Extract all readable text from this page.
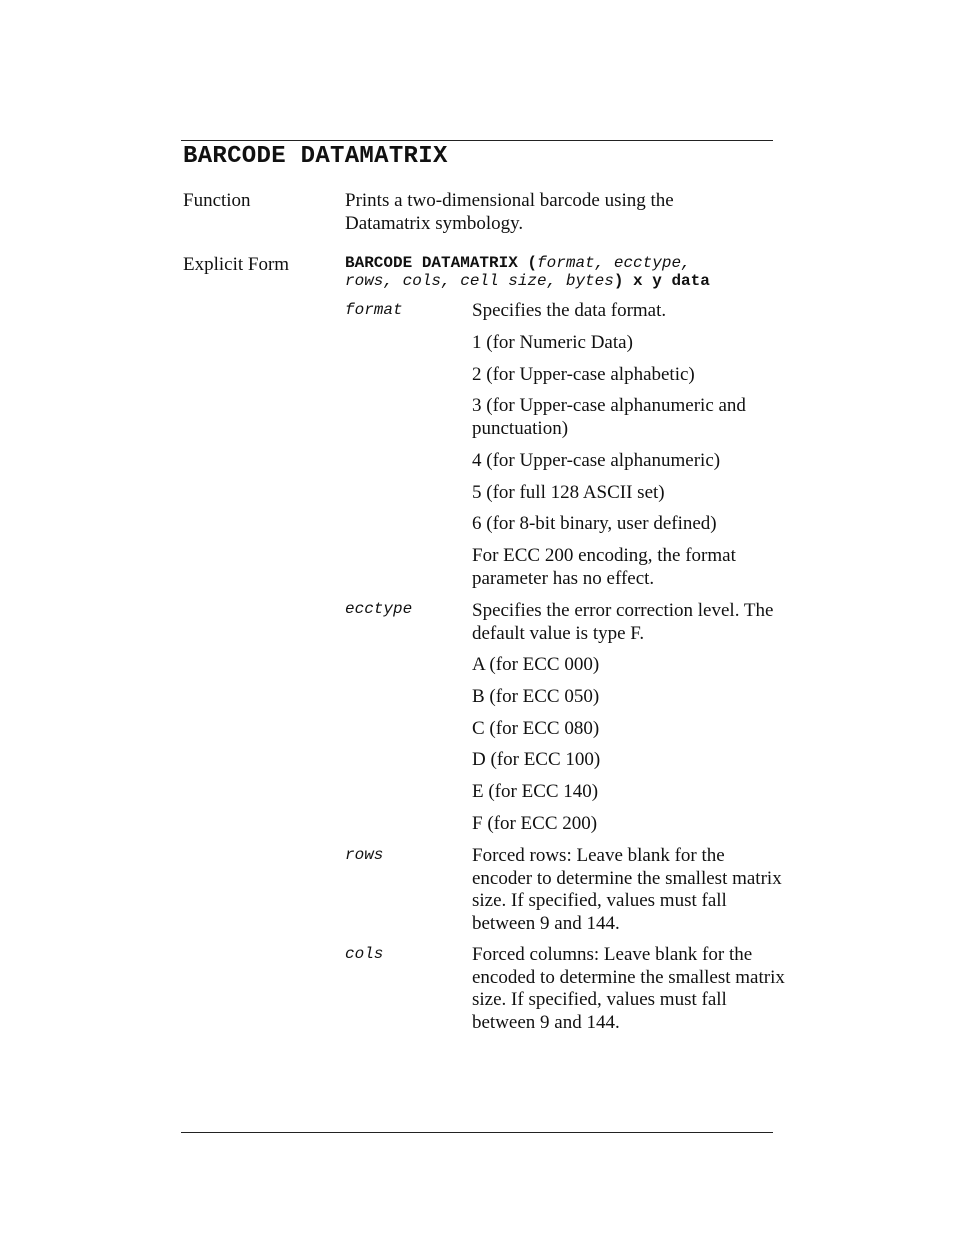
BARCODE DATAMATRIX
Function	Prints a two-dimensional barcode using the Datamatrix symbology.
Explicit Form	BARCODE DATAMATRIX (format, ecctype,
rows, cols, cell size, bytes) x y data
format	Specifies the data format.
1 (for Numeric Data)
2 (for Upper-case alphabetic)
3 (for Upper-case alphanumeric and punctuation)
4 (for Upper-case alphanumeric)
5 (for full 128 ASCII set)
6 (for 8-bit binary, user defined)
For ECC 200 encoding, the format parameter has no effect.
ecctype	Specifies the error correction level. The default value is type F.
A (for ECC 000)
B (for ECC 050)
C (for ECC 080)
D (for ECC 100)
E (for ECC 140)
F (for ECC 200)
rows	Forced rows: Leave blank for the encoder to determine the smallest matrix size. If specified, values must fall between 9 and 144.
cols	Forced columns: Leave blank for the encoded to determine the smallest matrix size. If specified, values must fall between 9 and 144.
